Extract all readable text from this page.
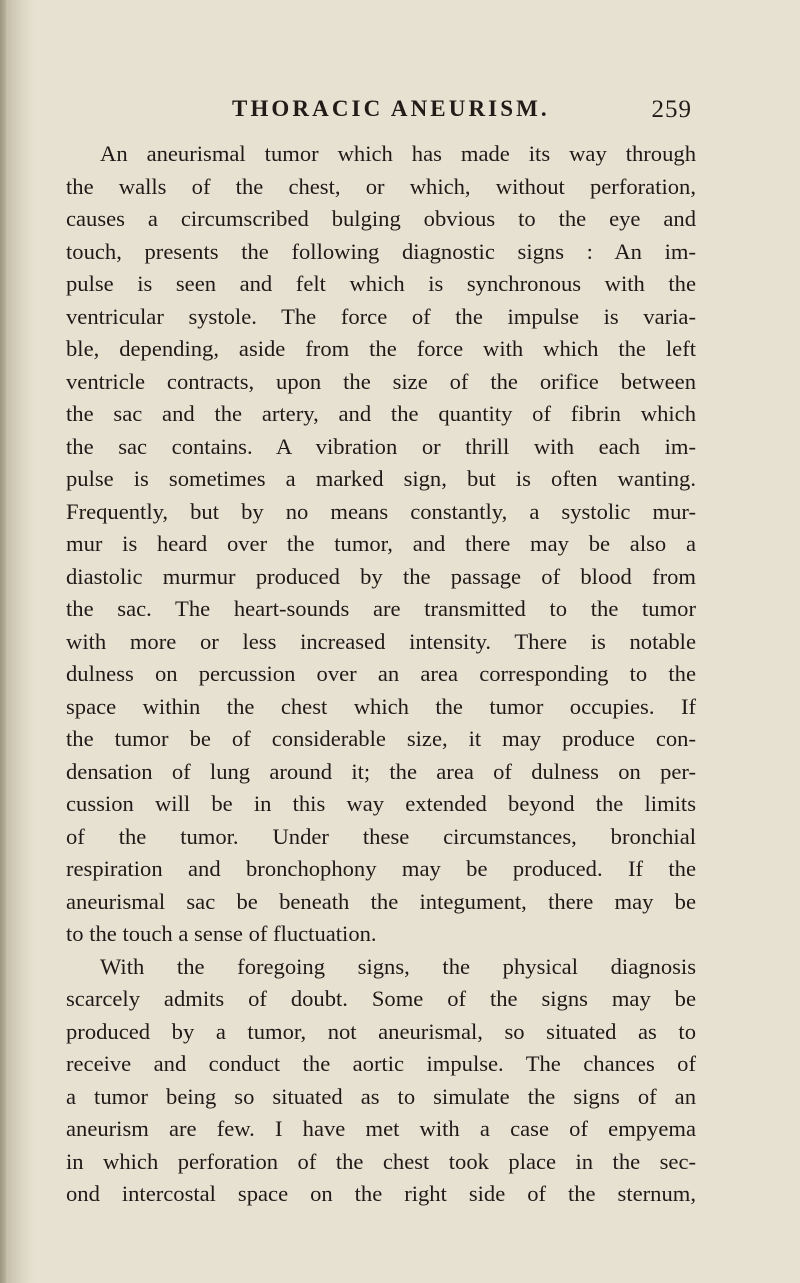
THORACIC ANEURISM.	259
An aneurismal tumor which has made its way through
the walls of the chest, or which, without perforation,
causes a circumscribed bulging obvious to the eye and
touch, presents the following diagnostic signs : An im-
pulse is seen and felt which is synchronous with the
ventricular systole. The force of the impulse is varia-
ble, depending, aside from the force with which the left
ventricle contracts, upon the size of the orifice between
the sac and the artery, and the quantity of fibrin which
the sac contains. A vibration or thrill with each im-
pulse is sometimes a marked sign, but is often wanting.
Frequently, but by no means constantly, a systolic mur-
mur is heard over the tumor, and there may be also a
diastolic murmur produced by the passage of blood from
the sac. The heart-sounds are transmitted to the tumor
with more or less increased intensity. There is notable
dulness on percussion over an area corresponding to the
space within the chest which the tumor occupies. If
the tumor be of considerable size, it may produce con-
densation of lung around it; the area of dulness on per-
cussion will be in this way extended beyond the limits
of the tumor. Under these circumstances, bronchial
respiration and bronchophony may be produced. If the
aneurismal sac be beneath the integument, there may be
to the touch a sense of fluctuation.
With the foregoing signs, the physical diagnosis
scarcely admits of doubt. Some of the signs may be
produced by a tumor, not aneurismal, so situated as to
receive and conduct the aortic impulse. The chances of
a tumor being so situated as to simulate the signs of an
aneurism are few. I have met with a case of empyema
in which perforation of the chest took place in the sec-
ond intercostal space on the right side of the sternum,
